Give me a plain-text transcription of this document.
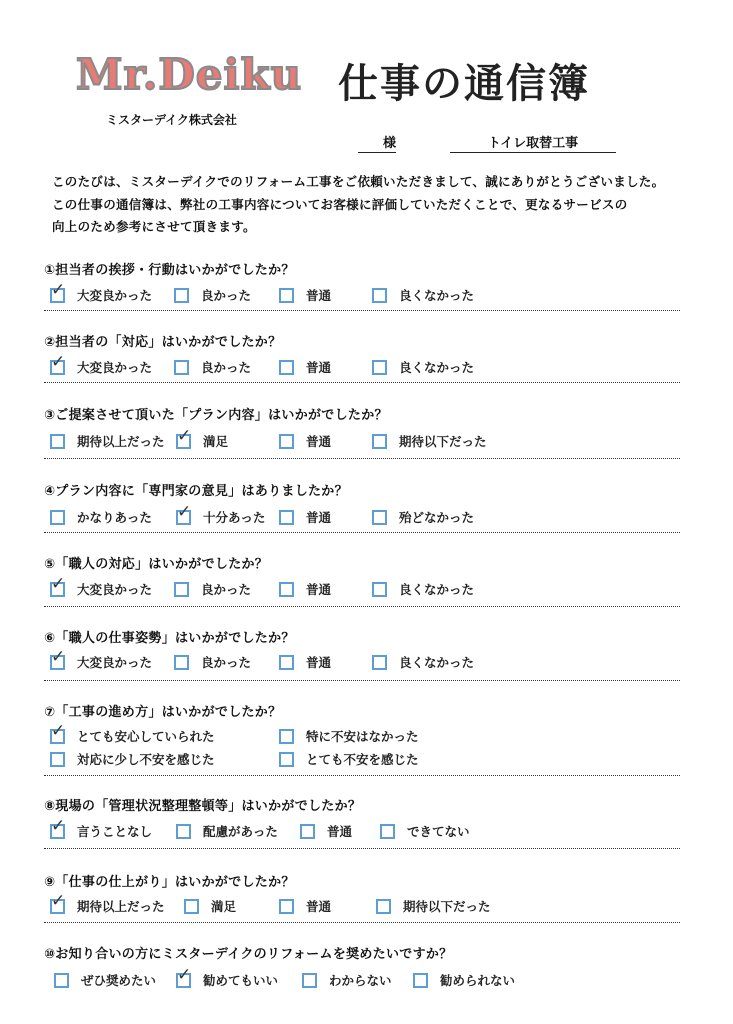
Mr.Deiku 仕事の通信簿
ミスターデイク株式会社
様	トイレ取替工事
このたびは、ミスターデイクでのリフォーム工事をご依頼いただきまして、誠にありがとうございました。
この仕事の通信簿は、弊社の工事内容についてお客様に評価していただくことで、更なるサービスの
向上のため参考にさせて頂きます。
①担当者の挨拶・行動はいかがでしたか？
✓ 大変良かった	良かった	普通	良くなかった
②担当者の「対応」はいかがでしたか？
✓ 大変良かった	良かった	普通	良くなかった
③ご提案させて頂いた「プラン内容」はいかがでしたか？
期待以上だった ✓ 満足	普通	期待以下だった
④プラン内容に「専門家の意見」はありましたか？
かなりあった ✓ 十分あった	普通	殆どなかった
⑤「職人の対応」はいかがでしたか？
✓ 大変良かった	良かった	普通	良くなかった
⑥「職人の仕事姿勢」はいかがでしたか？
✓ 大変良かった	良かった	普通	良くなかった
⑦「工事の進め方」はいかがでしたか？
✓ とても安心していられた	特に不安はなかった
対応に少し不安を感じた	とても不安を感じた
⑧現場の「管理状況整理整頓等」はいかがでしたか？
✓ 言うことなし	配慮があった	普通	できてない
⑨「仕事の仕上がり」はいかがでしたか？
✓ 期待以上だった	満足	普通	期待以下だった
⑩お知り合いの方にミスターデイクのリフォームを奨めたいですか？
ぜひ奨めたい ✓ 勧めてもいい	わからない	勧められない
